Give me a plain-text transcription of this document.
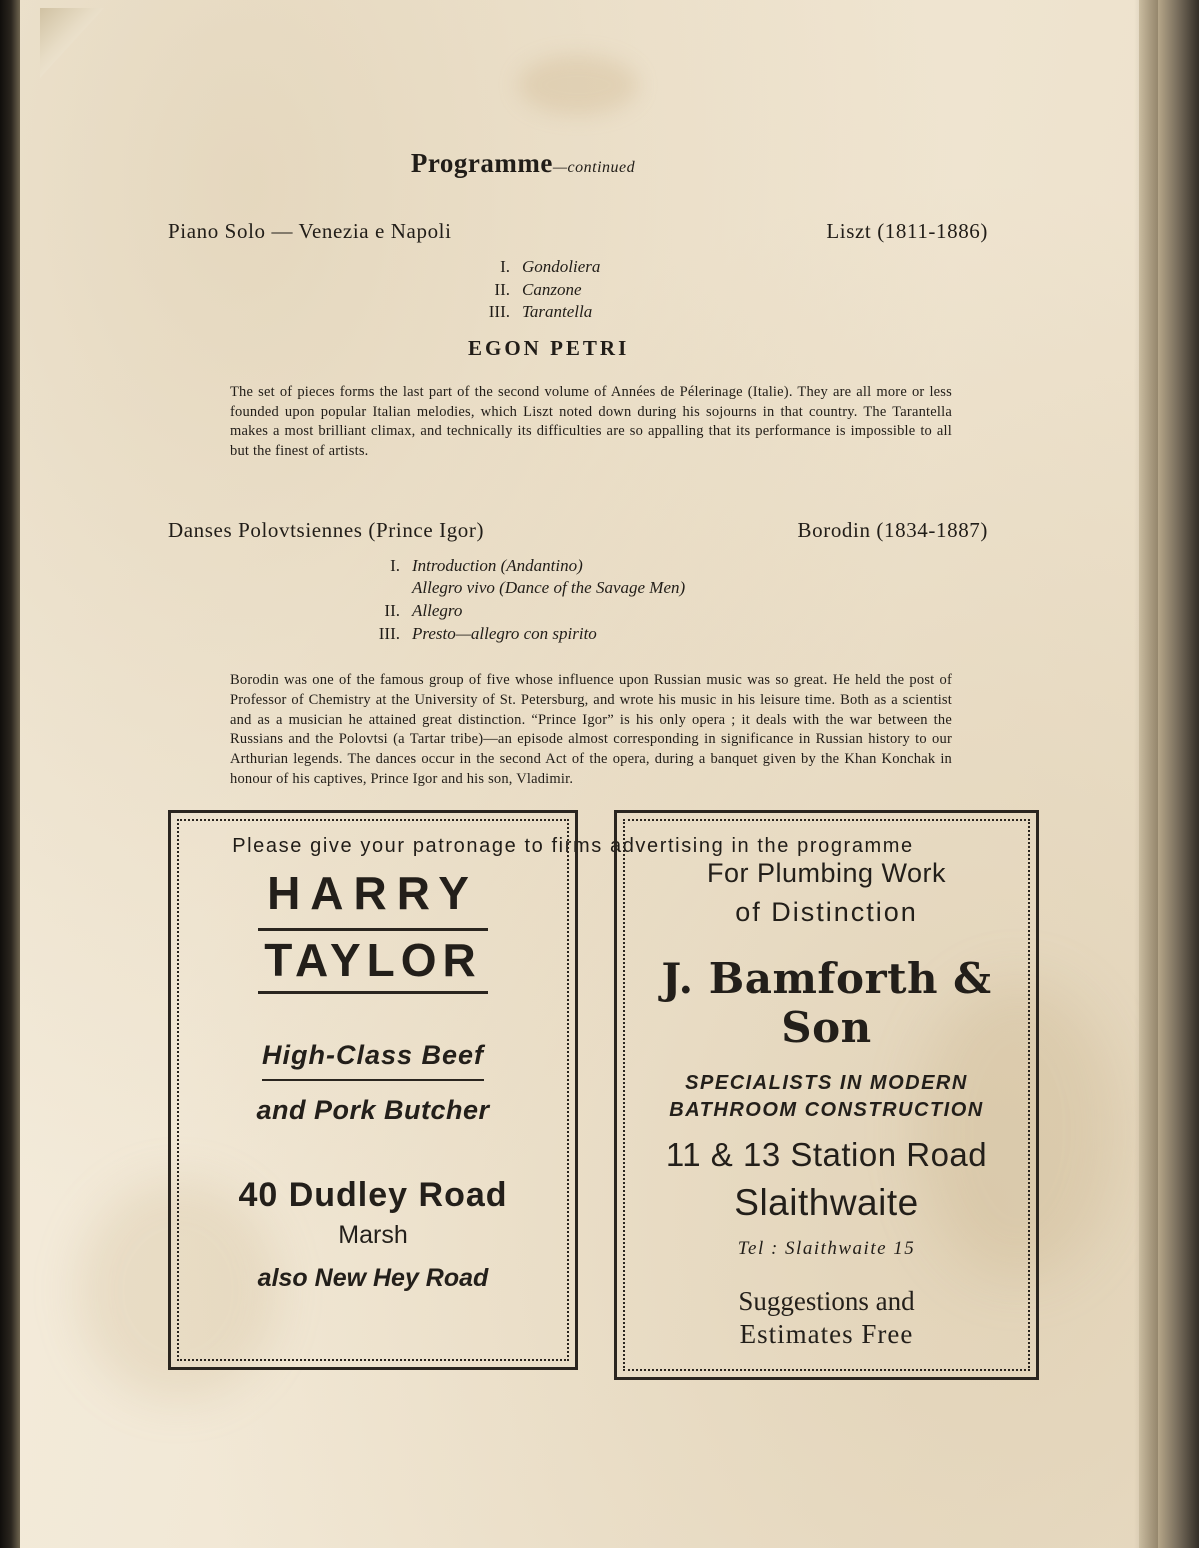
Programme—continued
Piano Solo — Venezia e Napoli	Liszt (1811-1886)
I. Gondoliera
II. Canzone
III. Tarantella
EGON PETRI
The set of pieces forms the last part of the second volume of Années de Pélerinage (Italie). They are all more or less founded upon popular Italian melodies, which Liszt noted down during his sojourns in that country. The Tarantella makes a most brilliant climax, and technically its difficulties are so appalling that its performance is impossible to all but the finest of artists.
Danses Polovtsiennes (Prince Igor)	Borodin (1834-1887)
I. Introduction (Andantino)
Allegro vivo (Dance of the Savage Men)
II. Allegro
III. Presto—allegro con spirito
Borodin was one of the famous group of five whose influence upon Russian music was so great. He held the post of Professor of Chemistry at the University of St. Petersburg, and wrote his music in his leisure time. Both as a scientist and as a musician he attained great distinction. “Prince Igor” is his only opera ; it deals with the war between the Russians and the Polovtsi (a Tartar tribe)—an episode almost corresponding in significance in Russian history to our Arthurian legends. The dances occur in the second Act of the opera, during a banquet given by the Khan Konchak in honour of his captives, Prince Igor and his son, Vladimir.
Please give your patronage to firms advertising in the programme
HARRY
TAYLOR
High-Class Beef
and Pork Butcher
40 Dudley Road
Marsh
also New Hey Road
For Plumbing Work
of Distinction
J. Bamforth & Son
SPECIALISTS IN MODERN
BATHROOM CONSTRUCTION
11 & 13 Station Road
Slaithwaite
Tel : Slaithwaite 15
Suggestions and
Estimates Free
